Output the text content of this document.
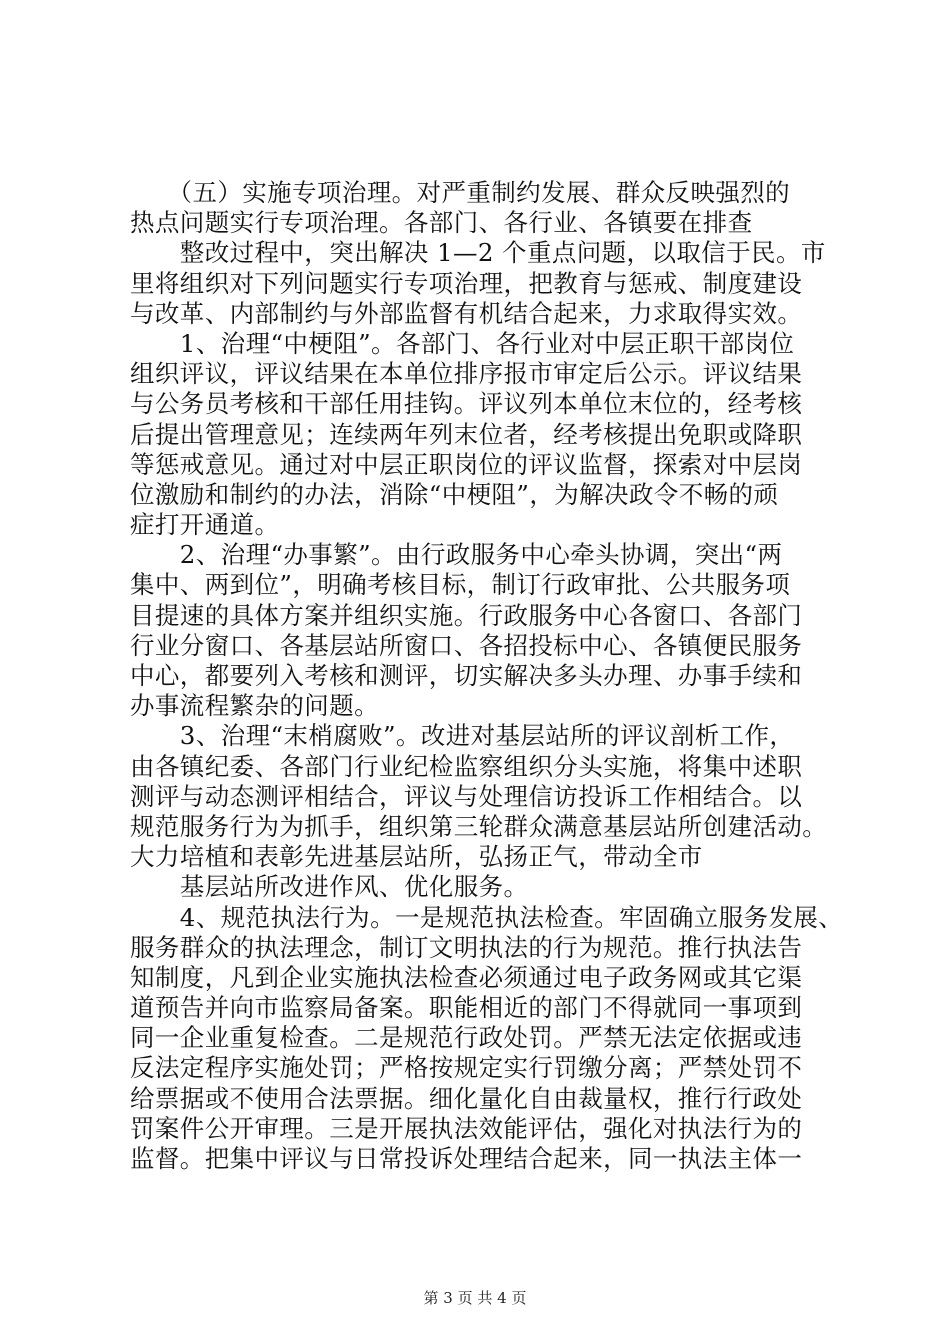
　　（五）实施专项治理。对严重制约发展、群众反映强烈的
热点问题实行专项治理。各部门、各行业、各镇要在排查
　　整改过程中，突出解决 1—2 个重点问题，以取信于民。市
里将组织对下列问题实行专项治理，把教育与惩戒、制度建设
与改革、内部制约与外部监督有机结合起来，力求取得实效。
　　1、治理“中梗阻”。各部门、各行业对中层正职干部岗位
组织评议，评议结果在本单位排序报市审定后公示。评议结果
与公务员考核和干部任用挂钩。评议列本单位末位的，经考核
后提出管理意见；连续两年列末位者，经考核提出免职或降职
等惩戒意见。通过对中层正职岗位的评议监督，探索对中层岗
位激励和制约的办法，消除“中梗阻”，为解决政令不畅的顽
症打开通道。
　　2、治理“办事繁”。由行政服务中心牵头协调，突出“两
集中、两到位”，明确考核目标，制订行政审批、公共服务项
目提速的具体方案并组织实施。行政服务中心各窗口、各部门
行业分窗口、各基层站所窗口、各招投标中心、各镇便民服务
中心，都要列入考核和测评，切实解决多头办理、办事手续和
办事流程繁杂的问题。
　　3、治理“末梢腐败”。改进对基层站所的评议剖析工作，
由各镇纪委、各部门行业纪检监察组织分头实施，将集中述职
测评与动态测评相结合，评议与处理信访投诉工作相结合。以
规范服务行为为抓手，组织第三轮群众满意基层站所创建活动。
大力培植和表彰先进基层站所，弘扬正气，带动全市
　　基层站所改进作风、优化服务。
　　4、规范执法行为。一是规范执法检查。牢固确立服务发展、
服务群众的执法理念，制订文明执法的行为规范。推行执法告
知制度，凡到企业实施执法检查必须通过电子政务网或其它渠
道预告并向市监察局备案。职能相近的部门不得就同一事项到
同一企业重复检查。二是规范行政处罚。严禁无法定依据或违
反法定程序实施处罚；严格按规定实行罚缴分离；严禁处罚不
给票据或不使用合法票据。细化量化自由裁量权，推行行政处
罚案件公开审理。三是开展执法效能评估，强化对执法行为的
监督。把集中评议与日常投诉处理结合起来，同一执法主体一
第 3 页 共 4 页
